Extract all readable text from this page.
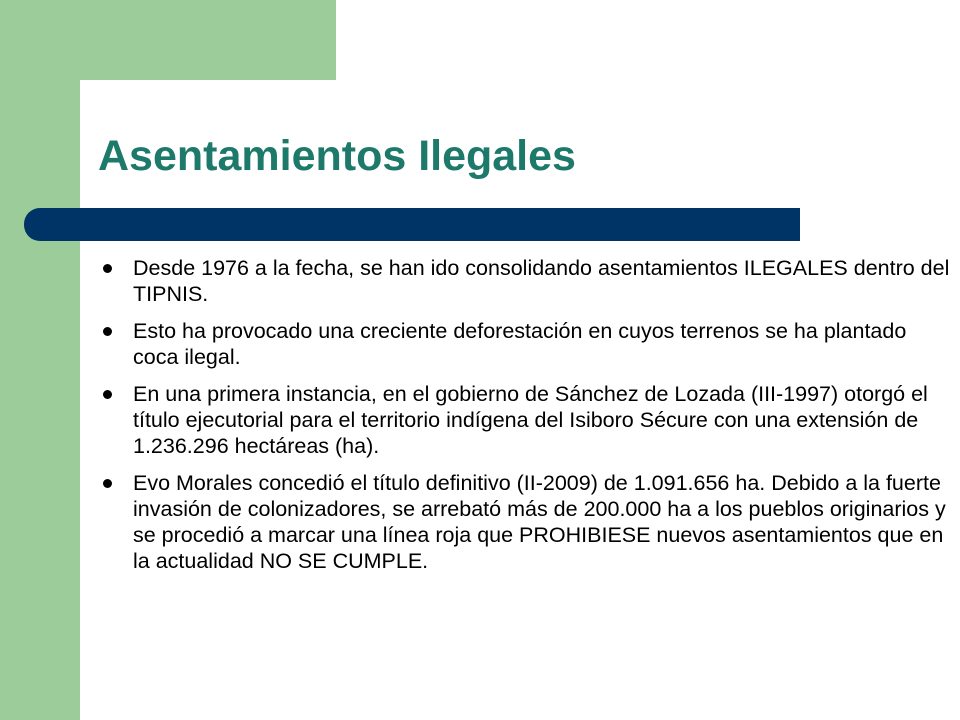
Asentamientos Ilegales
Desde 1976 a la fecha, se han ido consolidando asentamientos ILEGALES dentro del TIPNIS.
Esto ha provocado una creciente deforestación en cuyos terrenos se ha plantado coca ilegal.
En una primera instancia, en el gobierno de Sánchez de Lozada (III-1997) otorgó el título ejecutorial para el territorio indígena del Isiboro Sécure con una extensión de 1.236.296 hectáreas (ha).
Evo Morales concedió el título definitivo (II-2009) de 1.091.656 ha. Debido a la fuerte invasión de colonizadores, se arrebató más de 200.000 ha a los pueblos originarios y se procedió a marcar una línea roja que PROHIBIESE nuevos asentamientos que en la actualidad NO SE CUMPLE.
